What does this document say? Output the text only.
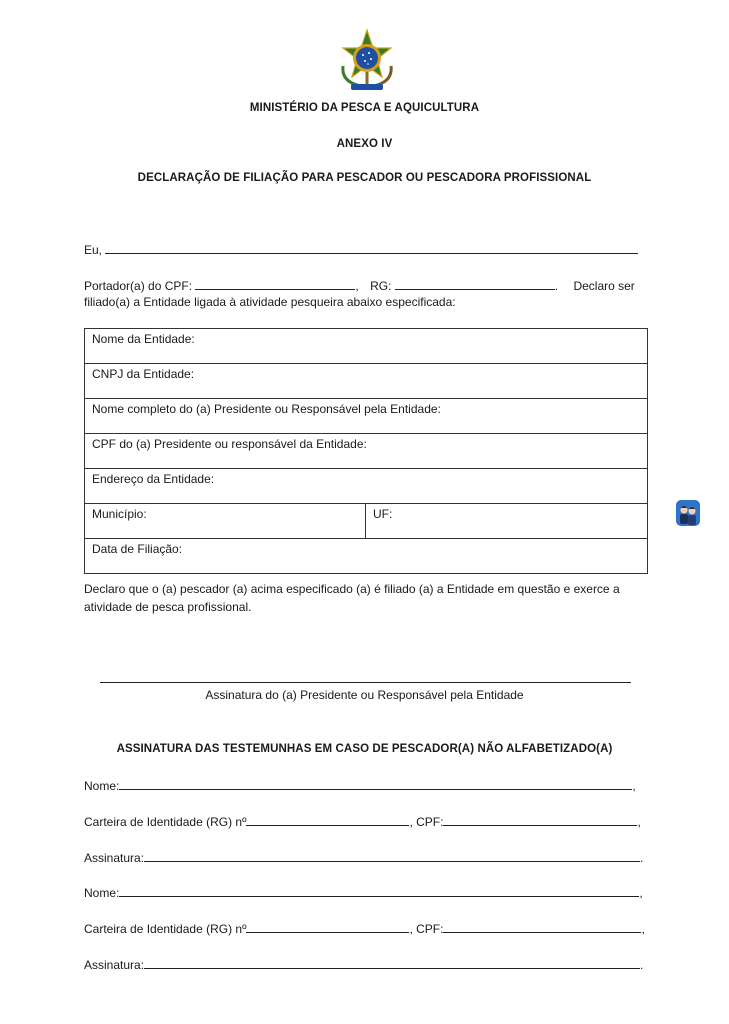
MINISTÉRIO DA PESCA E AQUICULTURA
ANEXO IV
DECLARAÇÃO DE FILIAÇÃO PARA PESCADOR OU PESCADORA PROFISSIONAL
Eu,
Portador(a) do CPF:	, RG:	. Declaro ser
filiado(a) a Entidade ligada à atividade pesqueira abaixo especificada:
Nome da Entidade:
CNPJ da Entidade:
Nome completo do (a) Presidente ou Responsável pela Entidade:
CPF do (a) Presidente ou responsável da Entidade:
Endereço da Entidade:
Município:	UF:
Data de Filiação:
Declaro que o (a) pescador (a) acima especificado (a) é filiado (a) a Entidade em questão e exerce a
atividade de pesca profissional.
Assinatura do (a) Presidente ou Responsável pela Entidade
ASSINATURA DAS TESTEMUNHAS EM CASO DE PESCADOR(A) NÃO ALFABETIZADO(A)
Nome:	,
Carteira de Identidade (RG) nº	, CPF:	,
Assinatura:	.
Nome:	,
Carteira de Identidade (RG) nº	, CPF:	,
Assinatura:	.
